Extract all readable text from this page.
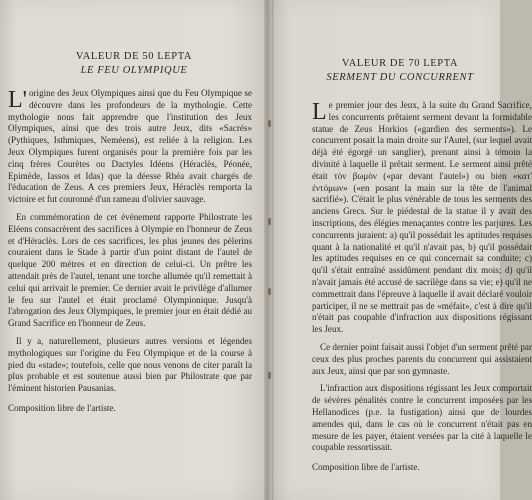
VALEUR DE 50 LEPTA

LE FEU OLYMPIQUE

L'origine des Jeux Olympiques ainsi que du Feu Olympique se découvre dans les profondeurs de la mythologie. Cette mythologie nous fait apprendre que l'institution des Jeux Olympiques, ainsi que des trois autre Jeux, dits «Sacrés» (Pythiques, Isthmiques, Neméens), est reliée à la religion. Les Jeux Olympiques furent organisés pour la première fois par les cinq frères Courètes ou Dactyles Idéens (Héraclès, Péonée, Epimède, Iassos et Idas) que la déesse Rhéa avait chargés de l'éducation de Zeus. A ces premiers Jeux, Héraclès remporta la victoire et fut couronné d'un rameau d'olivier sauvage.

En commémoration de cet événement rapporte Philostrate les Eléens consacrèrent des sacrifices à Olympie en l'honneur de Zeus et d'Héraclès. Lors de ces sacrifices, les plus jeunes des pèlerins couraient dans le Stade à partir d'un point distant de l'autel de quelque 200 mètres et en direction de celui-ci. Un prêtre les attendait près de l'autel, tenant une torche allumée qu'il remettait à celui qui arrivait le premier. Ce dernier avait le privilège d'allumer le feu sur l'autel et était proclamé Olympionique. Jusqu'à l'abrogation des Jeux Olympiques, le premier jour en était dédié au Grand Sacrifice en l'honneur de Zeus.

Il y a, naturellement, plusieurs autres versions et légendes mythologiques sur l'origine du Feu Olympique et de la course à pied du «stade»; toutefois, celle que nous venons de citer paraît la plus probable et est soutenue aussi bien par Philostrate que par l'éminent historien Pausanias.

Composition libre de l'artiste.

VALEUR DE 70 LEPTA

SERMENT DU CONCURRENT

Le premier jour des Jeux, à la suite du Grand Sacrifice, les concurrents prêtaient serment devant la formidable statue de Zeus Horkios («gardien des serments»). Le concurrent posait la main droite sur l'Autel, (sur lequel avait déjà été égorgé un sanglier), prenant ainsi à témoin la divinité à laquelle il prêtait serment. Le serment ainsi prêté était τὸν βωμὸν («par devant l'autel») ou bien «κατ' ἐντόμων» («en posant la main sur la tête de l'animal sacrifié»). C'était le plus vénérable de tous les serments des anciens Grecs. Sur le piédestal de la statue il y avait des inscriptions, des élégies menaçantes contre les parjures. Les concurrents juraient: a) qu'il possédait les aptitudes requises quant à la nationalité et qu'il n'avait pas, b) qu'il possédait les aptitudes requises en ce qui concernait sa conduite; c) qu'il s'était entraîné assidûment pendant dix mois; d) qu'il n'avait jamais été accusé de sacrilège dans sa vie; e) qu'il ne commettrait dans l'épreuve à laquelle il avait déclaré vouloir participer, il ne se mettrait pas de «méfait», c'est à dire qu'il n'était pas coupable d'infraction aux dispositions régissant les Jeux.

Ce dernier point faisait aussi l'objet d'un serment prêté par ceux des plus proches parents du concurrent qui assistaient aux Jeux, ainsi que par son gymnaste.

L'infraction aux dispositions régissant les Jeux comportait de sévères pénalités contre le concurrent imposées par les Hellanodices (p.e. la fustigation) ainsi que de lourdes amendes qui, dans le cas où le concurrent n'était pas en mesure de les payer, étaient versées par la cité à laquelle le coupable ressortissait.

Composition libre de l'artiste.
